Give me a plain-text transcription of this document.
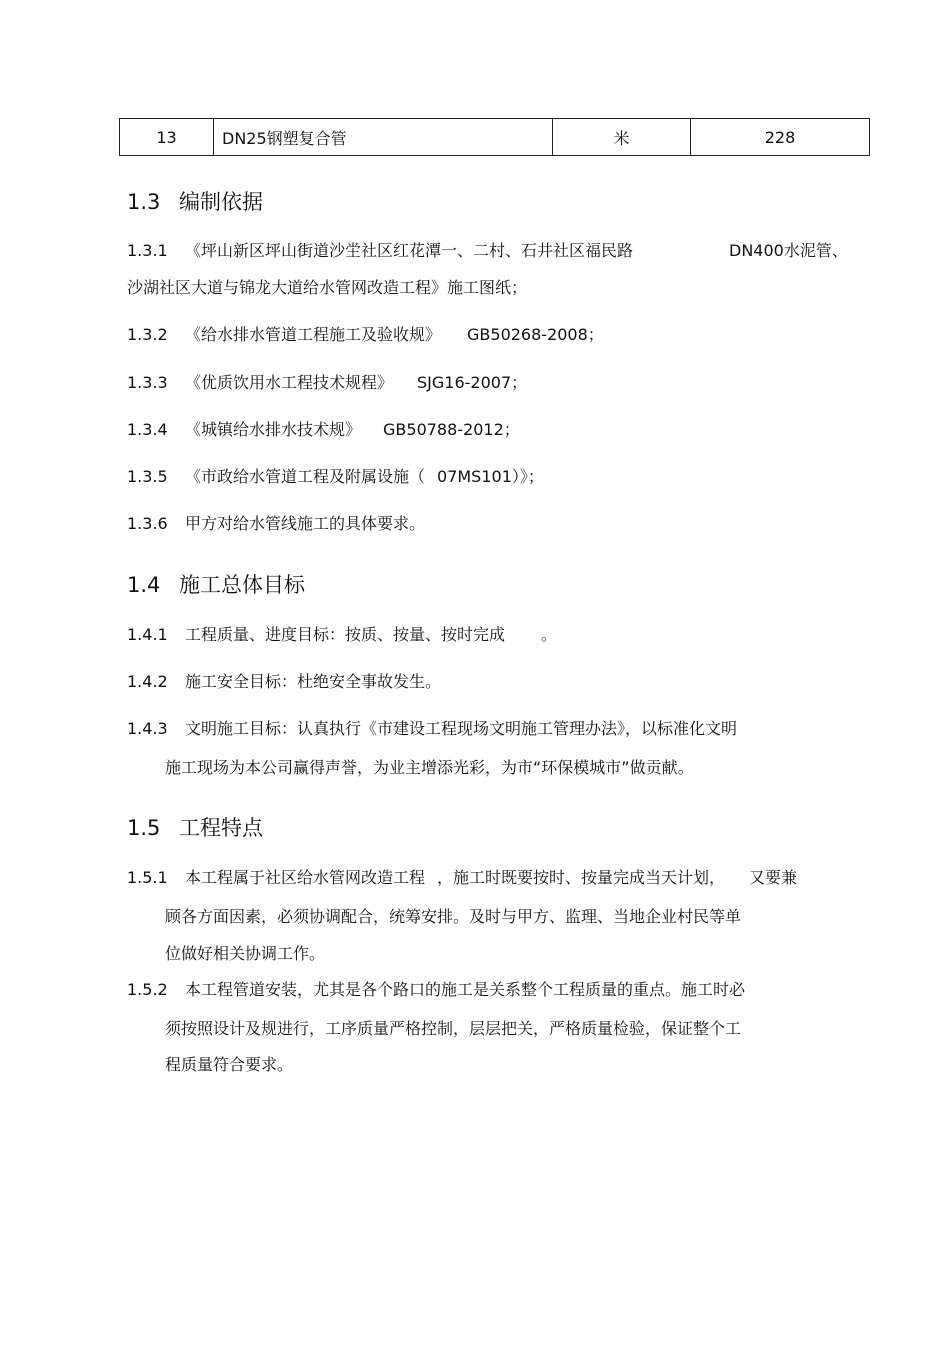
13	DN25钢塑复合管	米	228
1.3 编制依据
1.3.1 《坪山新区坪山街道沙坣社区红花潭一、二村、石井社区福民路	DN400水泥管、
沙湖社区大道与锦龙大道给水管网改造工程》施工图纸；
1.3.2 《给水排水管道工程施工及验收规》 GB50268-2008；
1.3.3 《优质饮用水工程技术规程》 SJG16-2007；
1.3.4 《城镇给水排水技术规》 GB50788-2012；
1.3.5 《市政给水管道工程及附属设施（ 07MS101）》；
1.3.6 甲方对给水管线施工的具体要求。
1.4 施工总体目标
1.4.1 工程质量、进度目标：按质、按量、按时完成 。
1.4.2 施工安全目标：杜绝安全事故发生。
1.4.3 文明施工目标：认真执行《市建设工程现场文明施工管理办法》，以标准化文明
施工现场为本公司赢得声誉，为业主增添光彩，为市“环保模城市”做贡献。
1.5 工程特点
1.5.1 本工程属于社区给水管网改造工程 ，施工时既要按时、按量完成当天计划， 又要兼
顾各方面因素，必须协调配合，统筹安排。及时与甲方、监理、当地企业村民等单
位做好相关协调工作。
1.5.2 本工程管道安装，尤其是各个路口的施工是关系整个工程质量的重点。施工时必
须按照设计及规进行，工序质量严格控制，层层把关，严格质量检验，保证整个工
程质量符合要求。
